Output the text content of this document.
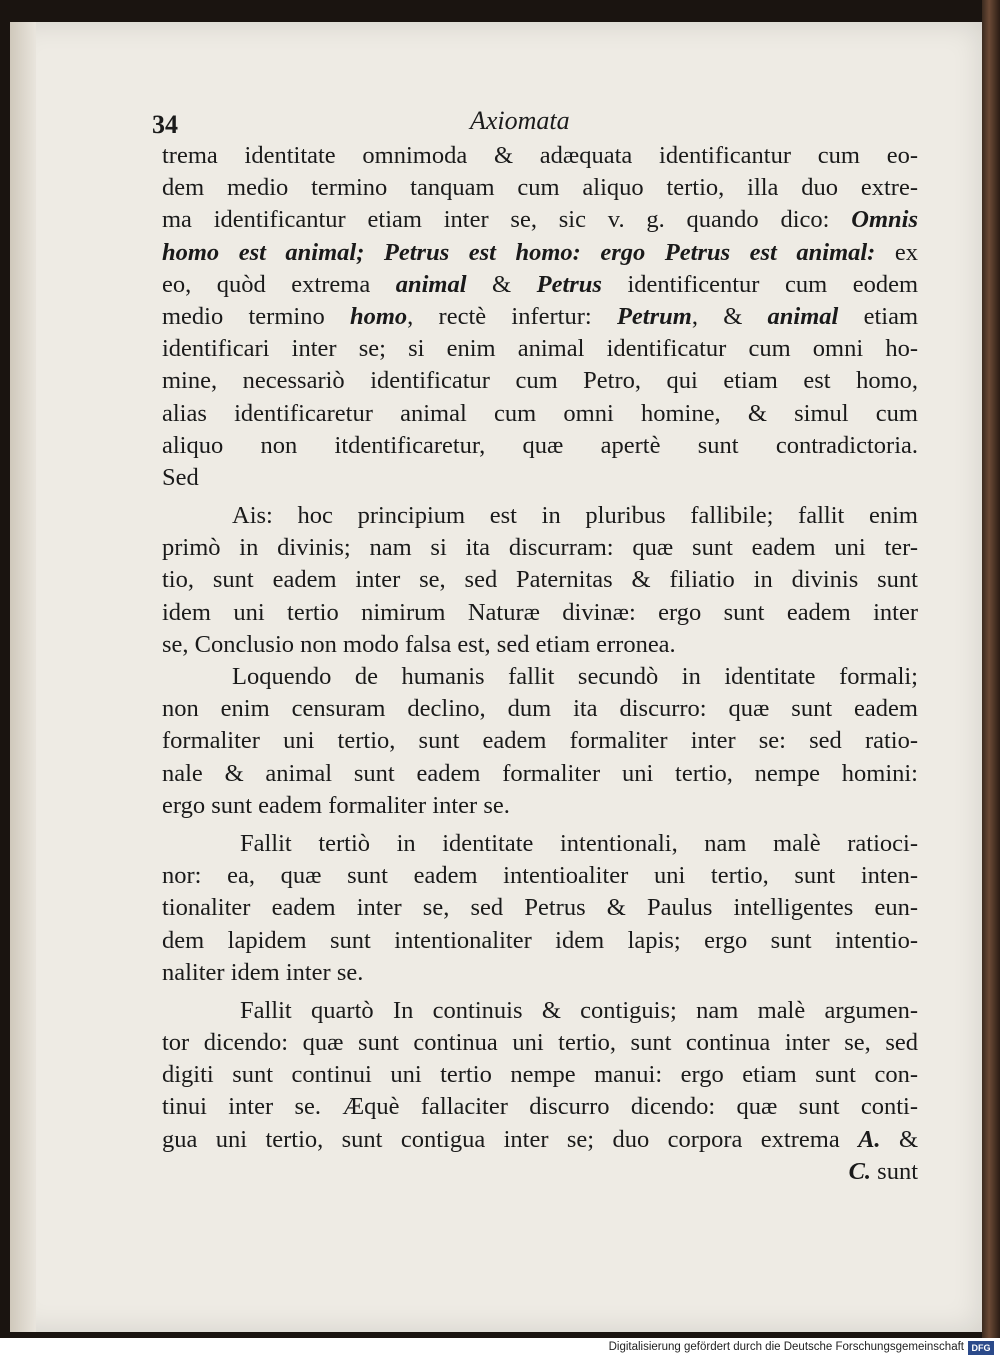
34	Axiomata
trema identitate omnimoda & adæquata identificantur cum eo-
dem medio termino tanquam cum aliquo tertio, illa duo extre-
ma identificantur etiam inter se, sic v. g. quando dico: Omnis
homo est animal; Petrus est homo: ergo Petrus est animal: ex
eo, quòd extrema animal & Petrus identificentur cum eodem
medio termino homo, rectè infertur: Petrum, & animal etiam
identificari inter se; si enim animal identificatur cum omni ho-
mine, necessariò identificatur cum Petro, qui etiam est homo,
alias identificaretur animal cum omni homine, & simul cum
aliquo non itdentificaretur, quæ apertè sunt contradictoria.
Sed
Ais: hoc principium est in pluribus fallibile; fallit enim
primò in divinis; nam si ita discurram: quæ sunt eadem uni ter-
tio, sunt eadem inter se, sed Paternitas & filiatio in divinis sunt
idem uni tertio nimirum Naturæ divinæ: ergo sunt eadem inter
se, Conclusio non modo falsa est, sed etiam erronea.
Loquendo de humanis fallit secundò in identitate formali;
non enim censuram declino, dum ita discurro: quæ sunt eadem
formaliter uni tertio, sunt eadem formaliter inter se: sed ratio-
nale & animal sunt eadem formaliter uni tertio, nempe homini:
ergo sunt eadem formaliter inter se.
Fallit tertiò in identitate intentionali, nam malè ratioci-
nor: ea, quæ sunt eadem intentioaliter uni tertio, sunt inten-
tionaliter eadem inter se, sed Petrus & Paulus intelligentes eun-
dem lapidem sunt intentionaliter idem lapis; ergo sunt intentio-
naliter idem inter se.
Fallit quartò In continuis & contiguis; nam malè argumen-
tor dicendo: quæ sunt continua uni tertio, sunt continua inter se, sed
digiti sunt continui uni tertio nempe manui: ergo etiam sunt con-
tinui inter se. Æquè fallaciter discurro dicendo: quæ sunt conti-
gua uni tertio, sunt contigua inter se; duo corpora extrema A. &
C. sunt
Digitalisierung gefördert durch die Deutsche Forschungsgemeinschaft DFG
